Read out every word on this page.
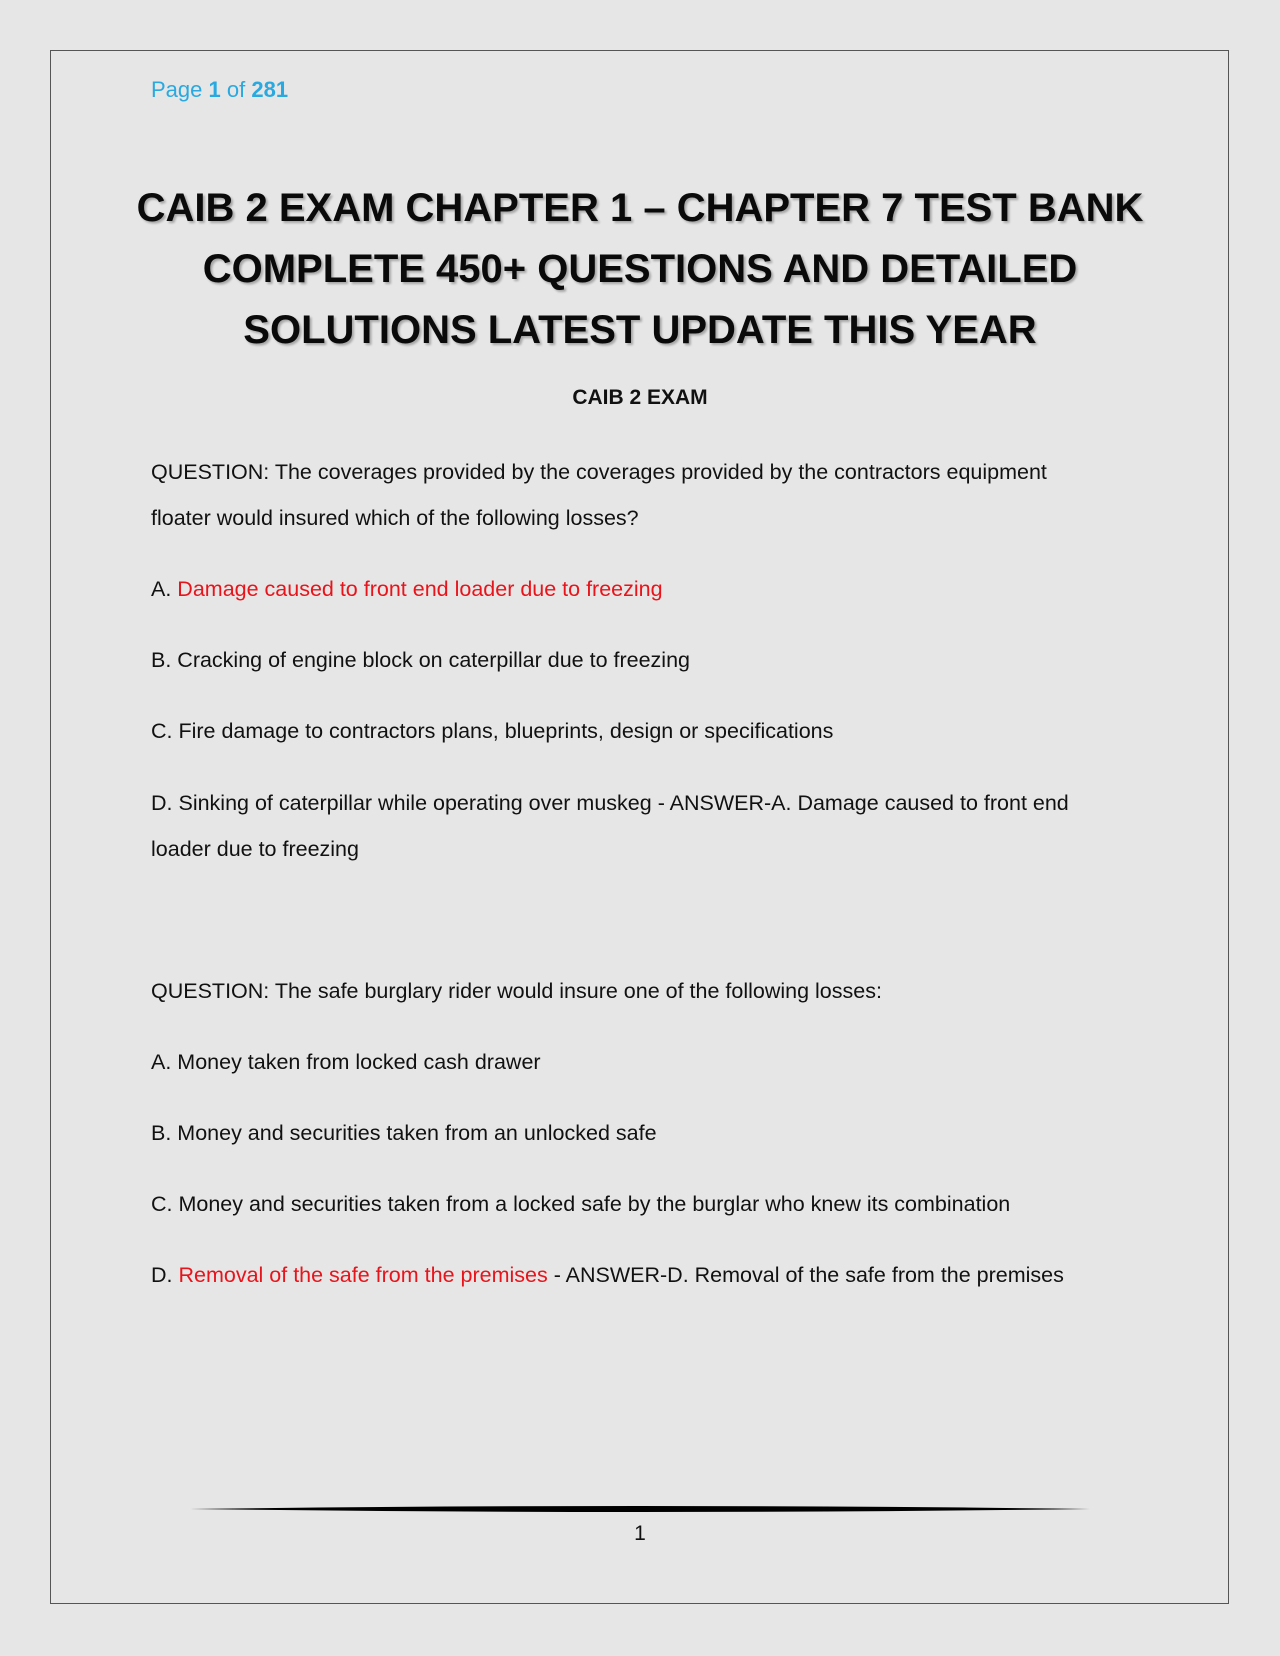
Page 1 of 281
CAIB 2 EXAM CHAPTER 1 – CHAPTER 7 TEST BANK
COMPLETE 450+ QUESTIONS AND DETAILED
SOLUTIONS LATEST UPDATE THIS YEAR
CAIB 2 EXAM
QUESTION: The coverages provided by the coverages provided by the contractors equipment
floater would insured which of the following losses?
A. Damage caused to front end loader due to freezing
B. Cracking of engine block on caterpillar due to freezing
C. Fire damage to contractors plans, blueprints, design or specifications
D. Sinking of caterpillar while operating over muskeg - ANSWER-A. Damage caused to front end
loader due to freezing
QUESTION: The safe burglary rider would insure one of the following losses:
A. Money taken from locked cash drawer
B. Money and securities taken from an unlocked safe
C. Money and securities taken from a locked safe by the burglar who knew its combination
D. Removal of the safe from the premises - ANSWER-D. Removal of the safe from the premises
1
